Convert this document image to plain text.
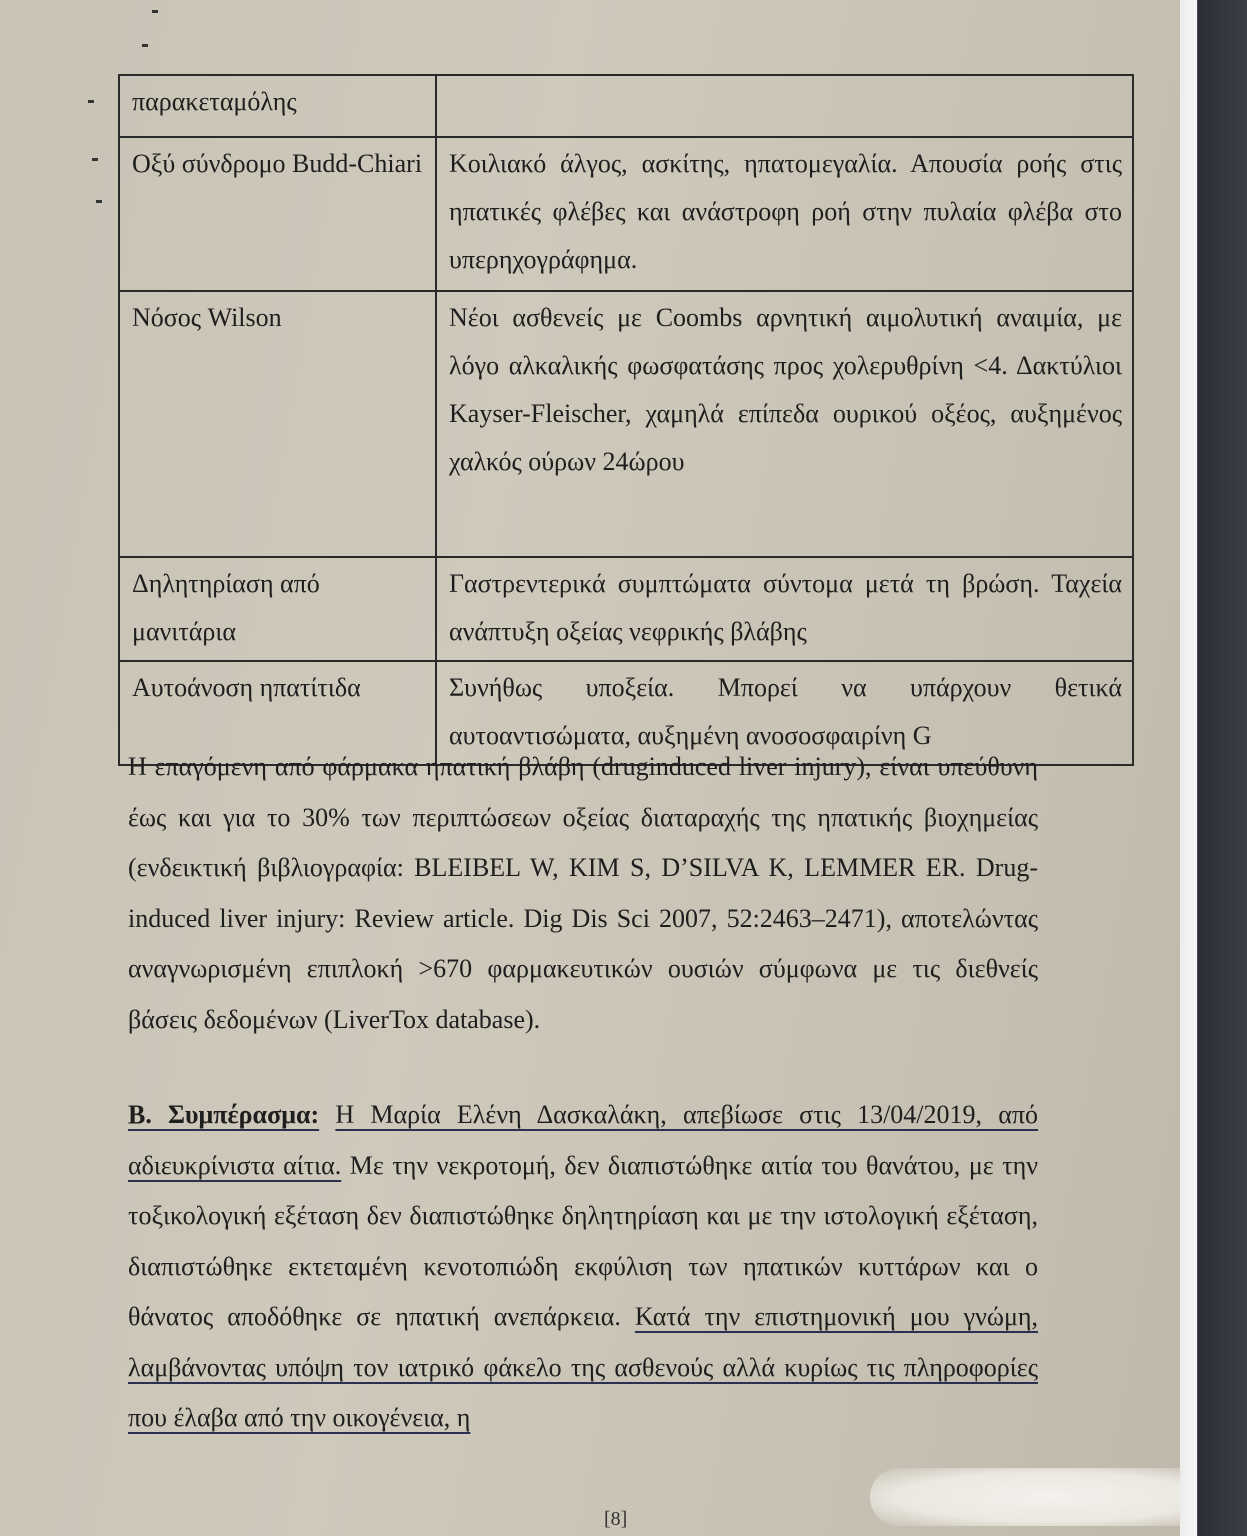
παρακεταμόλης	
Οξύ σύνδρομο Budd-Chiari	Κοιλιακό άλγος, ασκίτης, ηπατομεγαλία. Απουσία ροής στις ηπατικές φλέβες και ανάστροφη ροή στην πυλαία φλέβα στο υπερηχογράφημα.
Νόσος Wilson	Νέοι ασθενείς με Coombs αρνητική αιμολυτική αναιμία, με λόγο αλκαλικής φωσφατάσης προς χολερυθρίνη <4. Δακτύλιοι Kayser-Fleischer, χαμηλά επίπεδα ουρικού οξέος, αυξημένος χαλκός ούρων 24ώρου
Δηλητηρίαση από μανιτάρια	Γαστρεντερικά συμπτώματα σύντομα μετά τη βρώση. Ταχεία ανάπτυξη οξείας νεφρικής βλάβης
Αυτοάνοση ηπατίτιδα	Συνήθως υποξεία. Μπορεί να υπάρχουν θετικά αυτοαντισώματα, αυξημένη ανοσοσφαιρίνη G

Η επαγόμενη από φάρμακα ηπατική βλάβη (druginduced liver injury), είναι υπεύθυνη έως και για το 30% των περιπτώσεων οξείας διαταραχής της ηπατικής βιοχημείας (ενδεικτική βιβλιογραφία: BLEIBEL W, KIM S, D’SILVA K, LEMMER ER. Drug-induced liver injury: Review article. Dig Dis Sci 2007, 52:2463–2471), αποτελώντας αναγνωρισμένη επιπλοκή >670 φαρμακευτικών ουσιών σύμφωνα με τις διεθνείς βάσεις δεδομένων (LiverTox database).

Β. Συμπέρασμα: Η Μαρία Ελένη Δασκαλάκη, απεβίωσε στις 13/04/2019, από αδιευκρίνιστα αίτια. Με την νεκροτομή, δεν διαπιστώθηκε αιτία του θανάτου, με την τοξικολογική εξέταση δεν διαπιστώθηκε δηλητηρίαση και με την ιστολογική εξέταση, διαπιστώθηκε εκτεταμένη κενοτοπιώδη εκφύλιση των ηπατικών κυττάρων και ο θάνατος αποδόθηκε σε ηπατική ανεπάρκεια. Κατά την επιστημονική μου γνώμη, λαμβάνοντας υπόψη τον ιατρικό φάκελο της ασθενούς αλλά κυρίως τις πληροφορίες που έλαβα από την οικογένεια, η

[8]
